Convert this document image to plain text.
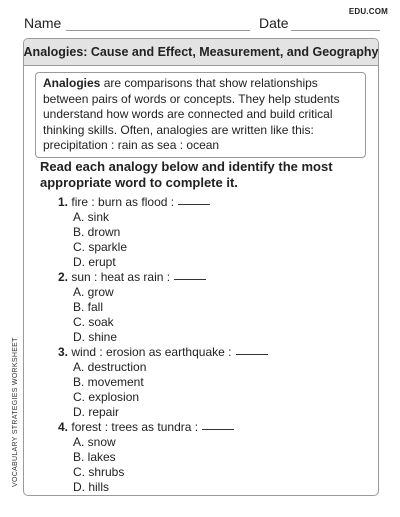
EDU.COM
Name	Date
Analogies: Cause and Effect, Measurement, and Geography
Analogies are comparisons that show relationships between pairs of words or concepts. They help students understand how words are connected and build critical thinking skills. Often, analogies are written like this:
precipitation : rain as sea : ocean
Read each analogy below and identify the most appropriate word to complete it.
1. fire : burn as flood :
A. sink
B. drown
C. sparkle
D. erupt
2. sun : heat as rain :
A. grow
B. fall
C. soak
D. shine
3. wind : erosion as earthquake :
A. destruction
B. movement
C. explosion
D. repair
4. forest : trees as tundra :
A. snow
B. lakes
C. shrubs
D. hills
VOCABULARY STRATEGIES WORKSHEET
